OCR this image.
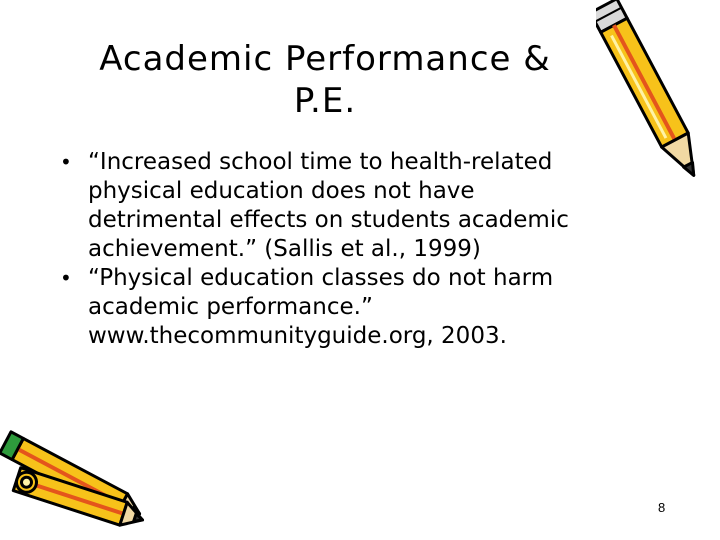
Academic Performance &
P.E.
• “Increased school time to health-related
physical education does not have
detrimental effects on students academic
achievement.” (Sallis et al., 1999)
• “Physical education classes do not harm
academic performance.”
www.thecommunityguide.org, 2003.
8
